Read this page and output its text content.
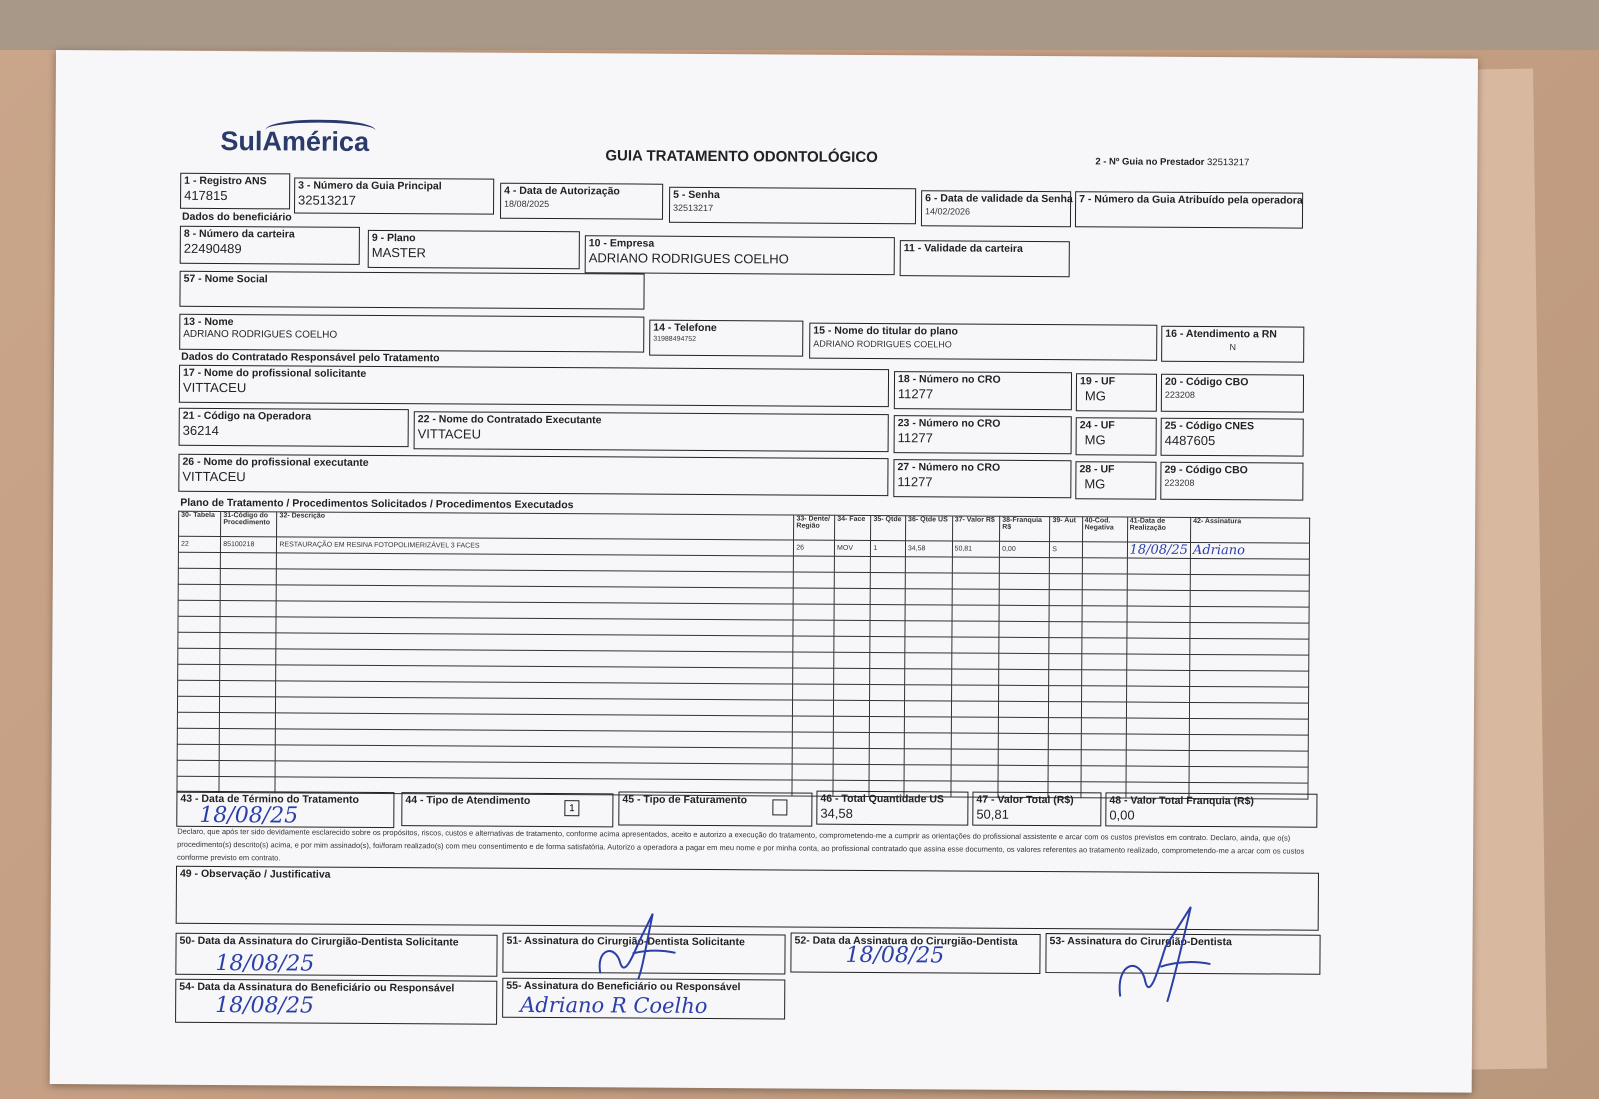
SulAmérica	GUIA TRATAMENTO ODONTOLÓGICO	2 - Nº Guia no Prestador 32513217
1 - Registro ANS
417815
3 - Número da Guia Principal
32513217
4 - Data de Autorização
18/08/2025
5 - Senha
32513217
6 - Data de validade da Senha
14/02/2026
7 - Número da Guia Atribuído pela operadora
Dados do beneficiário
8 - Número da carteira
22490489
9 - Plano
MASTER
10 - Empresa
ADRIANO RODRIGUES COELHO
11 - Validade da carteira
57 - Nome Social
13 - Nome
ADRIANO RODRIGUES COELHO
14 - Telefone
31988494752
15 - Nome do titular do plano
ADRIANO RODRIGUES COELHO
16 - Atendimento a RN
N
Dados do Contratado Responsável pelo Tratamento
17 - Nome do profissional solicitante
VITTACEU
18 - Número no CRO
11277
19 - UF
MG
20 - Código CBO
223208
21 - Código na Operadora
36214
22 - Nome do Contratado Executante
VITTACEU
23 - Número no CRO
11277
24 - UF
MG
25 - Código CNES
4487605
26 - Nome do profissional executante
VITTACEU
27 - Número no CRO
11277
28 - UF
MG
29 - Código CBO
223208
Plano de Tratamento / Procedimentos Solicitados / Procedimentos Executados
30- Tabela	31-Código do Procedimento	32- Descrição	33- Dente/ Região	34- Face	35- Qtde	36- Qtde US	37- Valor R$	38-Franquia R$	39- Aut	40-Cod. Negativa	41-Data de Realização	42- Assinatura
22	85100218	RESTAURAÇÃO EM RESINA FOTOPOLIMERIZÁVEL 3 FACES	26	MOV	1	34,58	50,81	0,00	S		18/08/25	Adriano

43 - Data de Término do Tratamento
18/08/25
44 - Tipo de Atendimento
1
45 - Tipo de Faturamento	46 - Total Quantidade US
34,58
47 - Valor Total (R$)
50,81
48 - Valor Total Franquia (R$)
0,00
Declaro, que após ter sido devidamente esclarecido sobre os propósitos, riscos, custos e alternativas de tratamento, conforme acima apresentados, aceito e autorizo a execução do tratamento, comprometendo-me a cumprir as orientações do profissional assistente e arcar com os custos previstos em contrato. Declaro, ainda, que o(s) procedimento(s) descrito(s) acima, e por mim assinado(s), foi/foram realizado(s) com meu consentimento e de forma satisfatória. Autorizo a operadora a pagar em meu nome e por minha conta, ao profissional contratado que assina esse documento, os valores referentes ao tratamento realizado, comprometendo-me a arcar com os custos conforme previsto em contrato.
49 - Observação / Justificativa
50- Data da Assinatura do Cirurgião-Dentista Solicitante
18/08/25
51- Assinatura do Cirurgião-Dentista Solicitante	52- Data da Assinatura do Cirurgião-Dentista
18/08/25
53- Assinatura do Cirurgião-Dentista
54- Data da Assinatura do Beneficiário ou Responsável
18/08/25
55- Assinatura do Beneficiário ou Responsável
Adriano R Coelho
